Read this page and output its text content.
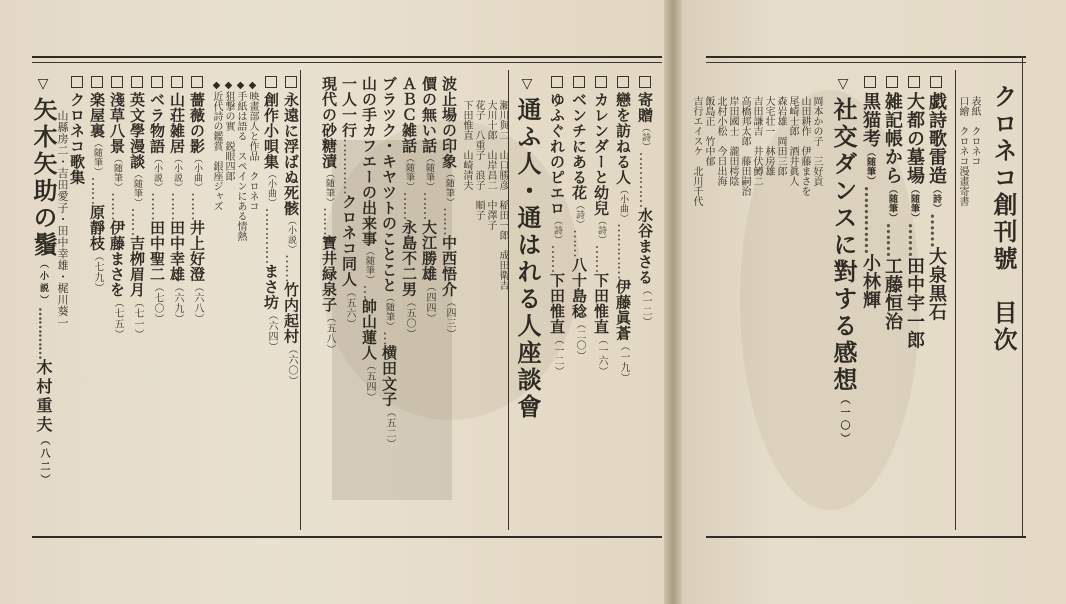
クロネコ創刊號　目次
表紙　クロネコ
口繪　クロネコ漫畫寄書
戯詩歌雷造（詩）……大泉黒石
大都の墓場（随筆）……田中宇一郎
雑記帳から（随筆）……工藤恒治
黒猫考（随筆）…………小林輝
▽社交ダンスに對する感想（一〇）
岡本かの子　三好貢
山田耕作　伊藤まさを
尾崎士郎　酒井眞人
森岩雄　岡田三郎
大宅壮一　林房雄
吉田謙吉　井伏鱒二
高橋邦太郎　藤田嗣治
岸田國士　瀧田樗陰
北村小松　今日出海
寄贈（詩）…………水谷まさる（一二）
戀を訪ねる人（小曲）…………伊藤眞蒼（一九）
カレンダーと幼兒（詩）……下田惟直（一六）
ベンチにある花（詩）……八十島稔（二〇）
ゆふぐれのピエロ（詩）……下田惟直（一二）
▽通ふ人・通はれる人座談會
瀬川與二　山口勝彦　稲田一郎　成田衛吉
大川十郎　山岸昌二　中澤子
花子　八重子　浪子　順子
下田惟直　山崎清夫
波止場の印象（随筆）……中西悟介（四三）
價の無い話（随筆）……大江勝雄（四四）
ＡＢＣ雑話（随筆）……永島不二男（五〇）
ブラツク・キヤツトのことこと（随筆）…横田文子（五二）
山の手カフエーの出来事（随筆）…帥山蓮人（五四）
一人一行…………クロネコ同人（五六）
現代の砂糖漬（随筆）……寶井緑泉子（五八）
永遠に浮ばぬ死骸（小説）……竹内起村（六〇）
創作小唄集（小曲）…………まさ坊（六四）
◆映畫部人と作品　クロネコ
◆手紙は語る　スペインにある情熱
◆狙撃の實　鋭眼四郎
◆近代詩の鑑賞　銀座ジャズ
薔薇の影（小曲）……井上好澄（六八）
山荘雑居（小説）……田中幸雄（六九）
ベラ物語（小説）……田中聖二（七〇）
英文學漫談（随筆）……吉栁眉月（七一）
淺草八景（随筆）……伊藤まさを（七五）
楽屋裏（随筆）……原靜枝（七九）
クロネコ歌集
山縣房二・吉田愛子・田中幸雄・梶川葵一
▽矢木矢助の鬚（小説）…………木村重夫（八二）
飯島正　竹中郁
吉行エイスケ　北川千代
